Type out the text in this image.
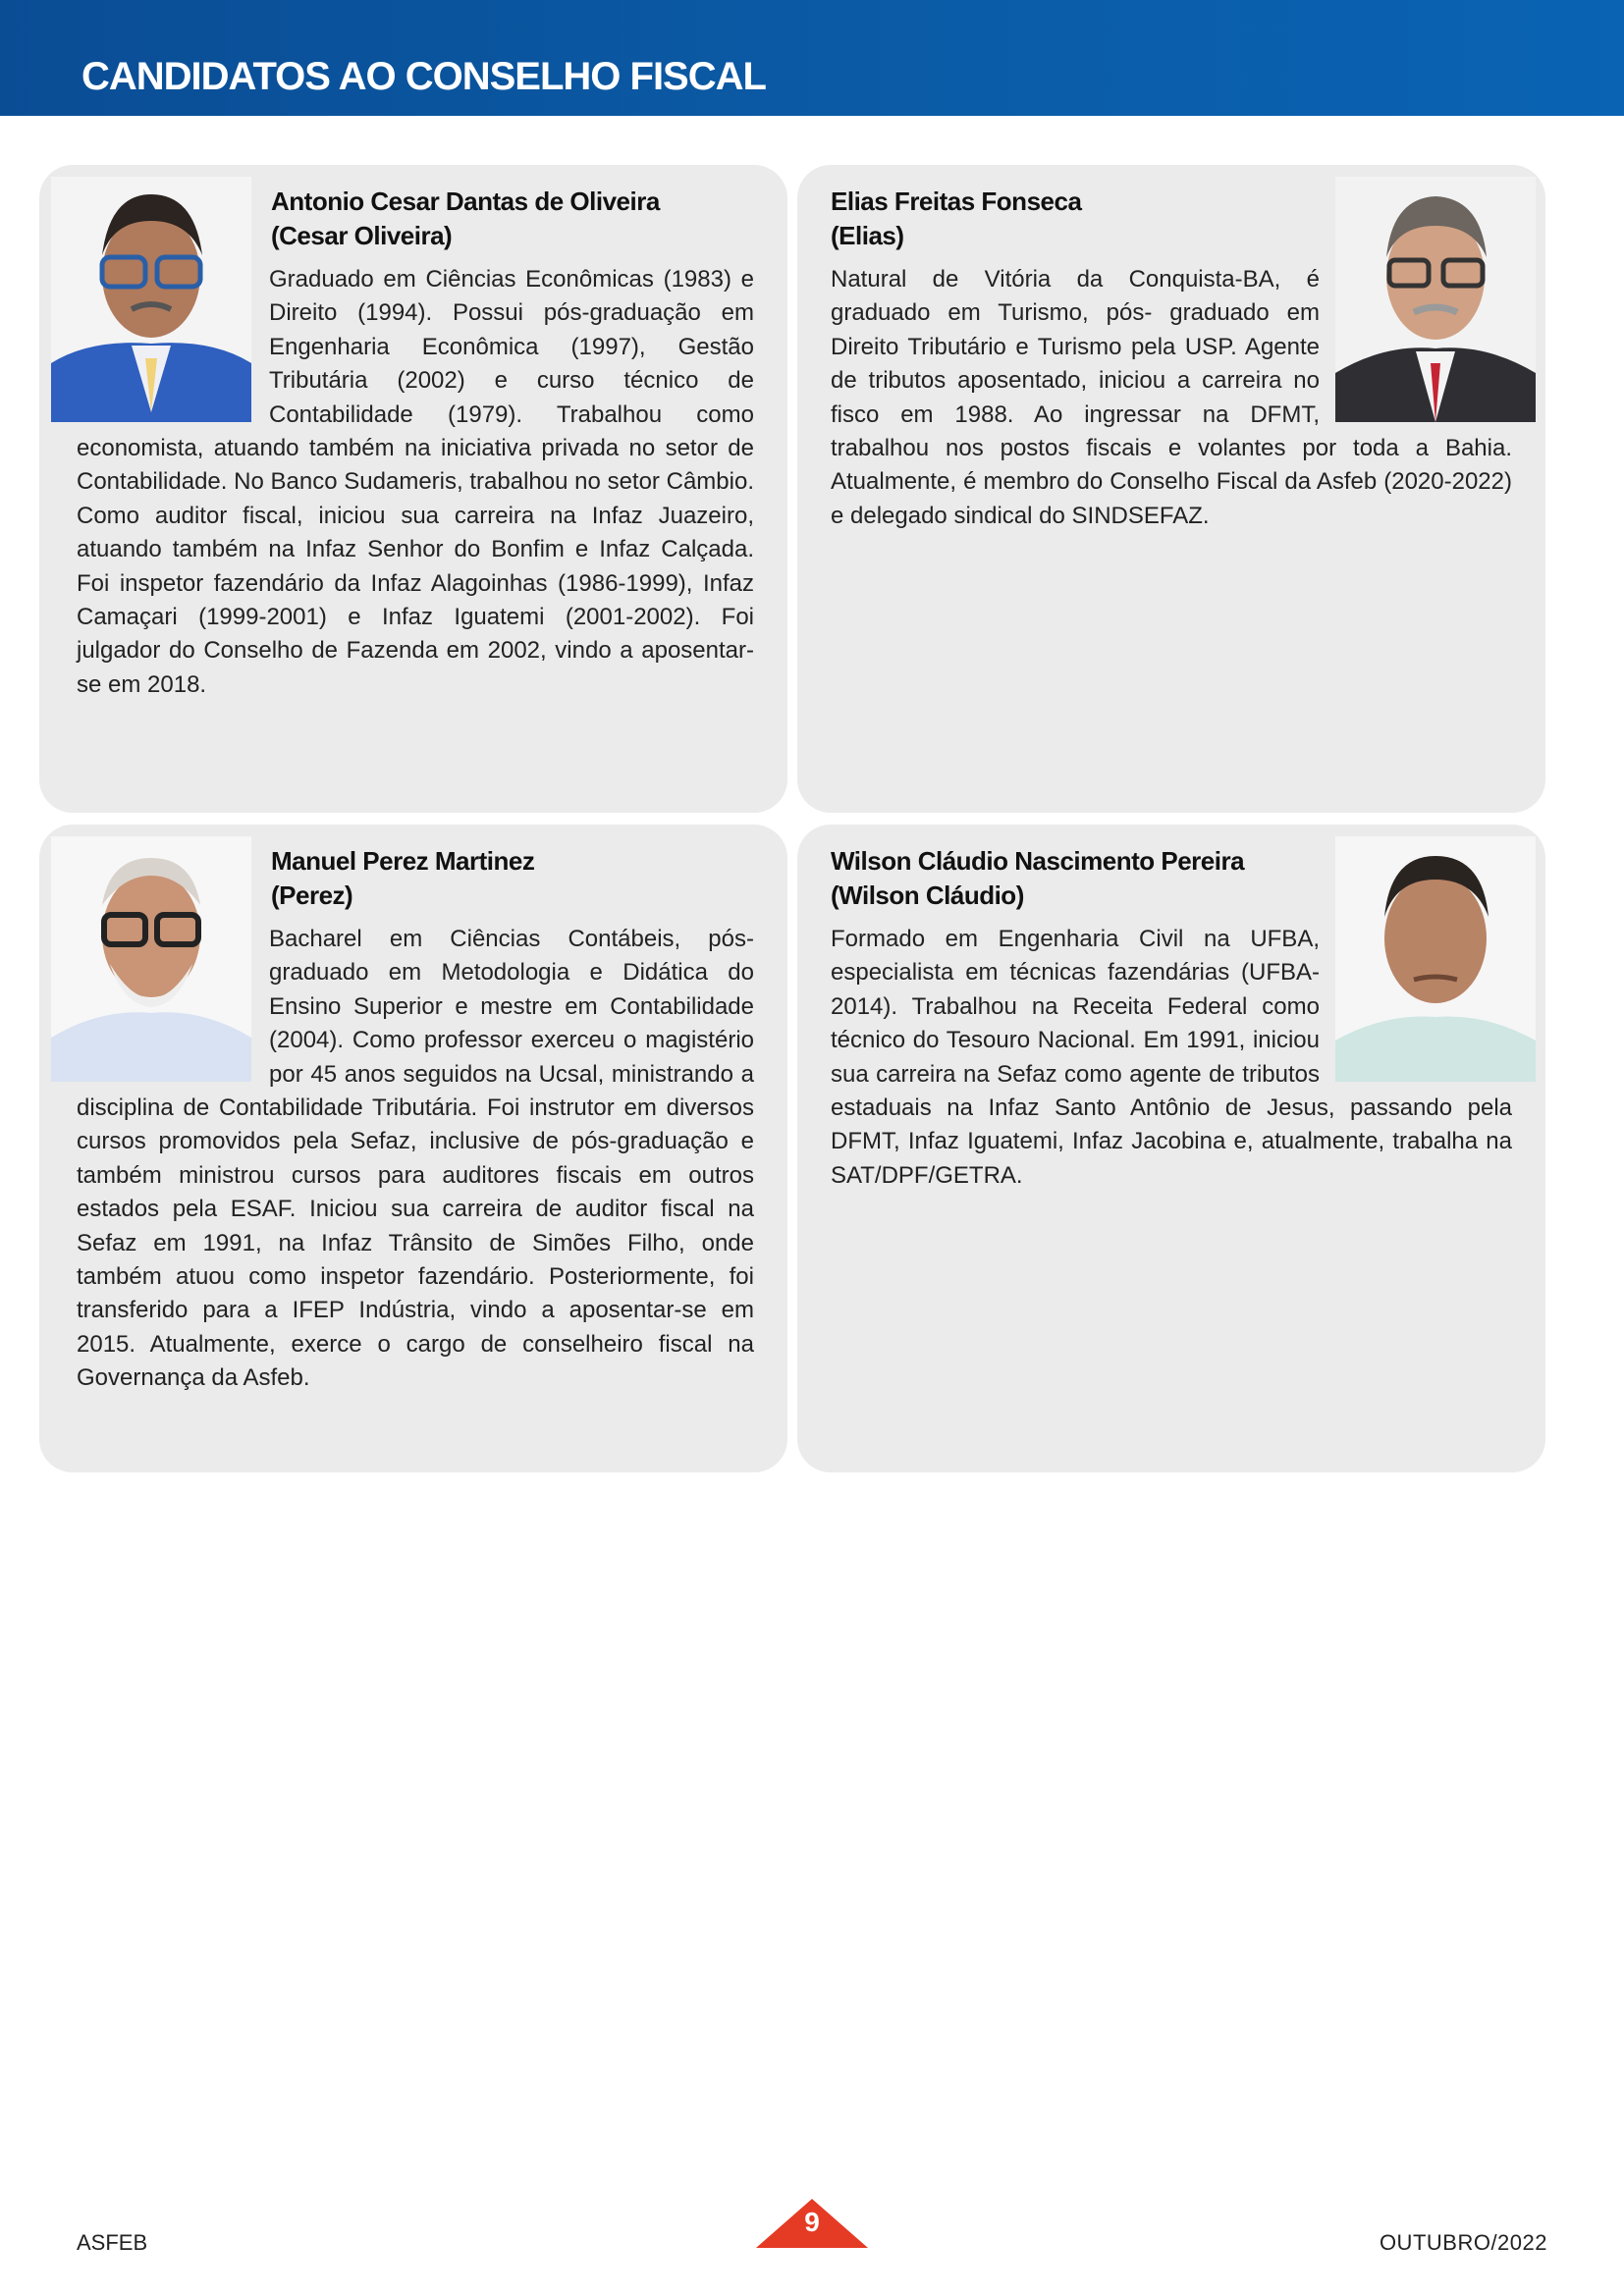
CANDIDATOS AO CONSELHO FISCAL
Antonio Cesar Dantas de Oliveira
(Cesar Oliveira)
Graduado em Ciências Econômicas (1983) e Direito (1994). Possui pós-graduação em Engenharia Econômica (1997), Gestão Tributária (2002) e curso técnico de Contabilidade (1979). Trabalhou como economista, atuando também na iniciativa privada no setor de Contabilidade. No Banco Sudameris, trabalhou no setor Câmbio. Como auditor fiscal, iniciou sua carreira na Infaz Juazeiro, atuando também na Infaz Senhor do Bonfim e Infaz Calçada. Foi inspetor fazendário da Infaz Alagoinhas (1986-1999), Infaz Camaçari (1999-2001) e Infaz Iguatemi (2001-2002). Foi julgador do Conselho de Fazenda em 2002, vindo a aposentar-se em 2018.
Elias Freitas Fonseca
(Elias)
Natural de Vitória da Conquista-BA, é graduado em Turismo, pós- graduado em Direito Tributário e Turismo pela USP. Agente de tributos aposentado, iniciou a carreira no fisco em 1988. Ao ingressar na DFMT, trabalhou nos postos fiscais e volantes por toda a Bahia. Atualmente, é membro do Conselho Fiscal da Asfeb (2020-2022) e delegado sindical do SINDSEFAZ.
Manuel Perez Martinez
(Perez)
Bacharel em Ciências Contábeis, pós-graduado em Metodologia e Didática do Ensino Superior e mestre em Contabilidade (2004). Como professor exerceu o magistério por 45 anos seguidos na Ucsal, ministrando a disciplina de Contabilidade Tributária. Foi instrutor em diversos cursos promovidos pela Sefaz, inclusive de pós-graduação e também ministrou cursos para auditores fiscais em outros estados pela ESAF. Iniciou sua carreira de auditor fiscal na Sefaz em 1991, na Infaz Trânsito de Simões Filho, onde também atuou como inspetor fazendário. Posteriormente, foi transferido para a IFEP Indústria, vindo a aposentar-se em 2015. Atualmente, exerce o cargo de conselheiro fiscal na Governança da Asfeb.
Wilson Cláudio Nascimento Pereira
(Wilson Cláudio)
Formado em Engenharia Civil na UFBA, especialista em técnicas fazendárias (UFBA-2014). Trabalhou na Receita Federal como técnico do Tesouro Nacional. Em 1991, iniciou sua carreira na Sefaz como agente de tributos estaduais na Infaz Santo Antônio de Jesus, passando pela DFMT, Infaz Iguatemi, Infaz Jacobina e, atualmente, trabalha na SAT/DPF/GETRA.
ASFEB
9
OUTUBRO/2022
